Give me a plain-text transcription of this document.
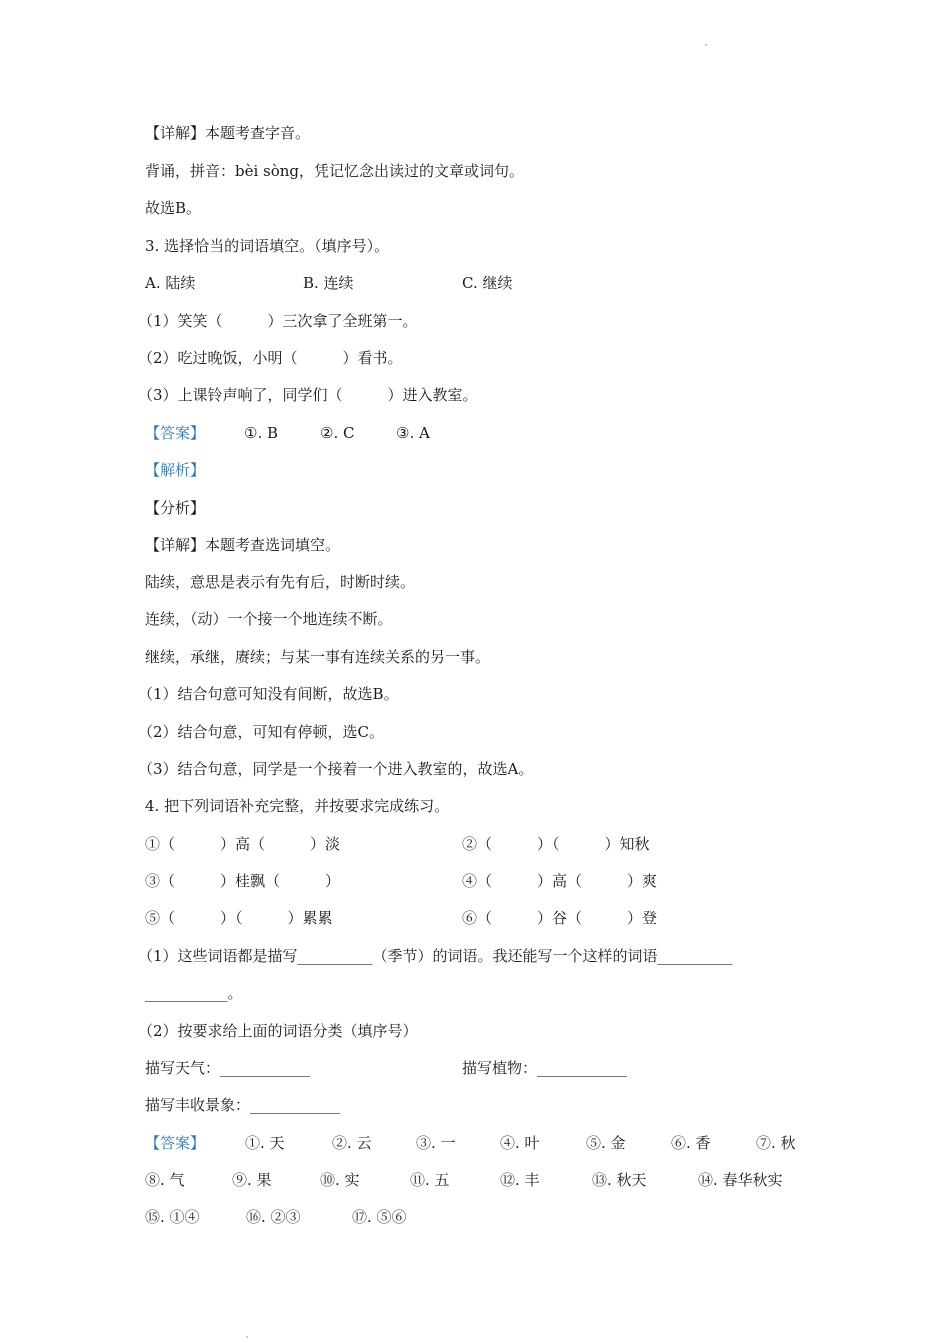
【详解】本题考查字音。
背诵，拼音：bèi sòng，凭记忆念出读过的文章或词句。
故选B。
3. 选择恰当的词语填空。（填序号）。
A. 陆续	B. 连续	C. 继续
（1）笑笑（　　　）三次拿了全班第一。
（2）吃过晚饭，小明（　　　）看书。
（3）上课铃声响了，同学们（　　　）进入教室。
【答案】	①. B	②. C	③. A
【解析】
【分析】
【详解】本题考查选词填空。
陆续，意思是表示有先有后，时断时续。
连续，（动）一个接一个地连续不断。
继续，承继，赓续；与某一事有连续关系的另一事。
（1）结合句意可知没有间断，故选B。
（2）结合句意，可知有停顿，选C。
（3）结合句意，同学是一个接着一个进入教室的，故选A。
4. 把下列词语补充完整，并按要求完成练习。
①（　　　）高（　　　）淡	②（　　　）（　　　）知秋
③（　　　）桂飘（　　　）	④（　　　）高（　　　）爽
⑤（　　　）（　　　）累累	⑥（　　　）谷（　　　）登
（1）这些词语都是描写__________（季节）的词语。我还能写一个这样的词语__________
___________。
（2）按要求给上面的词语分类（填序号）
描写天气：____________	描写植物：____________
描写丰收景象：____________
【答案】	①. 天	②. 云	③. 一	④. 叶	⑤. 金	⑥. 香	⑦. 秋
⑧. 气	⑨. 果	⑩. 实	⑪. 五	⑫. 丰	⑬. 秋天	⑭. 春华秋实
⑮. ①④	⑯. ②③	⑰. ⑤⑥
